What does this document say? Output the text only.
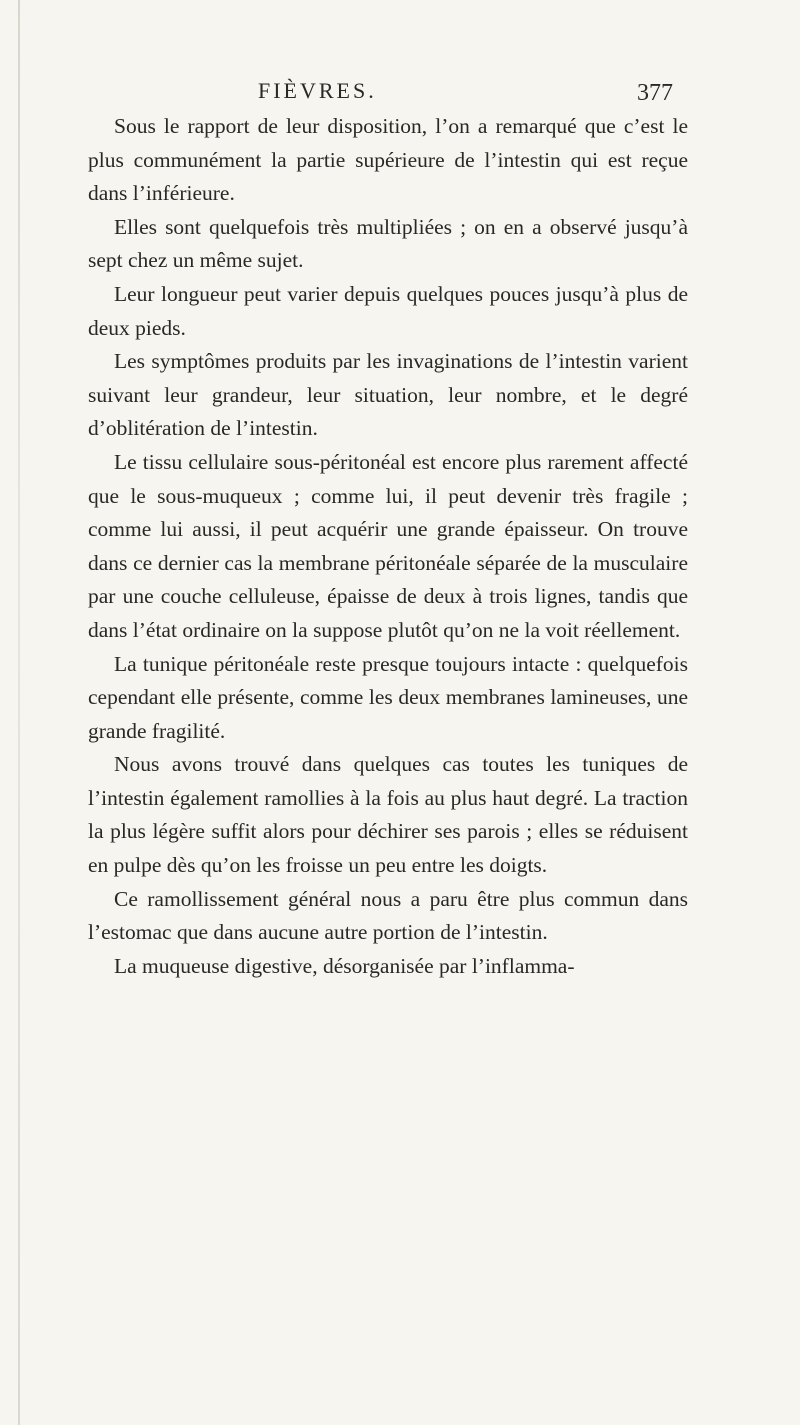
FIÈVRES.	377

Sous le rapport de leur disposition, l’on a remarqué que c’est le plus communément la partie supérieure de l’intestin qui est reçue dans l’inférieure.

Elles sont quelquefois très multipliées ; on en a observé jusqu’à sept chez un même sujet.

Leur longueur peut varier depuis quelques pouces jusqu’à plus de deux pieds.

Les symptômes produits par les invaginations de l’intestin varient suivant leur grandeur, leur situation, leur nombre, et le degré d’oblitération de l’intestin.

Le tissu cellulaire sous-péritonéal est encore plus rarement affecté que le sous-muqueux ; comme lui, il peut devenir très fragile ; comme lui aussi, il peut acquérir une grande épaisseur. On trouve dans ce dernier cas la membrane péritonéale séparée de la musculaire par une couche celluleuse, épaisse de deux à trois lignes, tandis que dans l’état ordinaire on la suppose plutôt qu’on ne la voit réellement.

La tunique péritonéale reste presque toujours intacte : quelquefois cependant elle présente, comme les deux membranes lamineuses, une grande fragilité.

Nous avons trouvé dans quelques cas toutes les tuniques de l’intestin également ramollies à la fois au plus haut degré. La traction la plus légère suffit alors pour déchirer ses parois ; elles se réduisent en pulpe dès qu’on les froisse un peu entre les doigts.

Ce ramollissement général nous a paru être plus commun dans l’estomac que dans aucune autre portion de l’intestin.

La muqueuse digestive, désorganisée par l’inflamma-
